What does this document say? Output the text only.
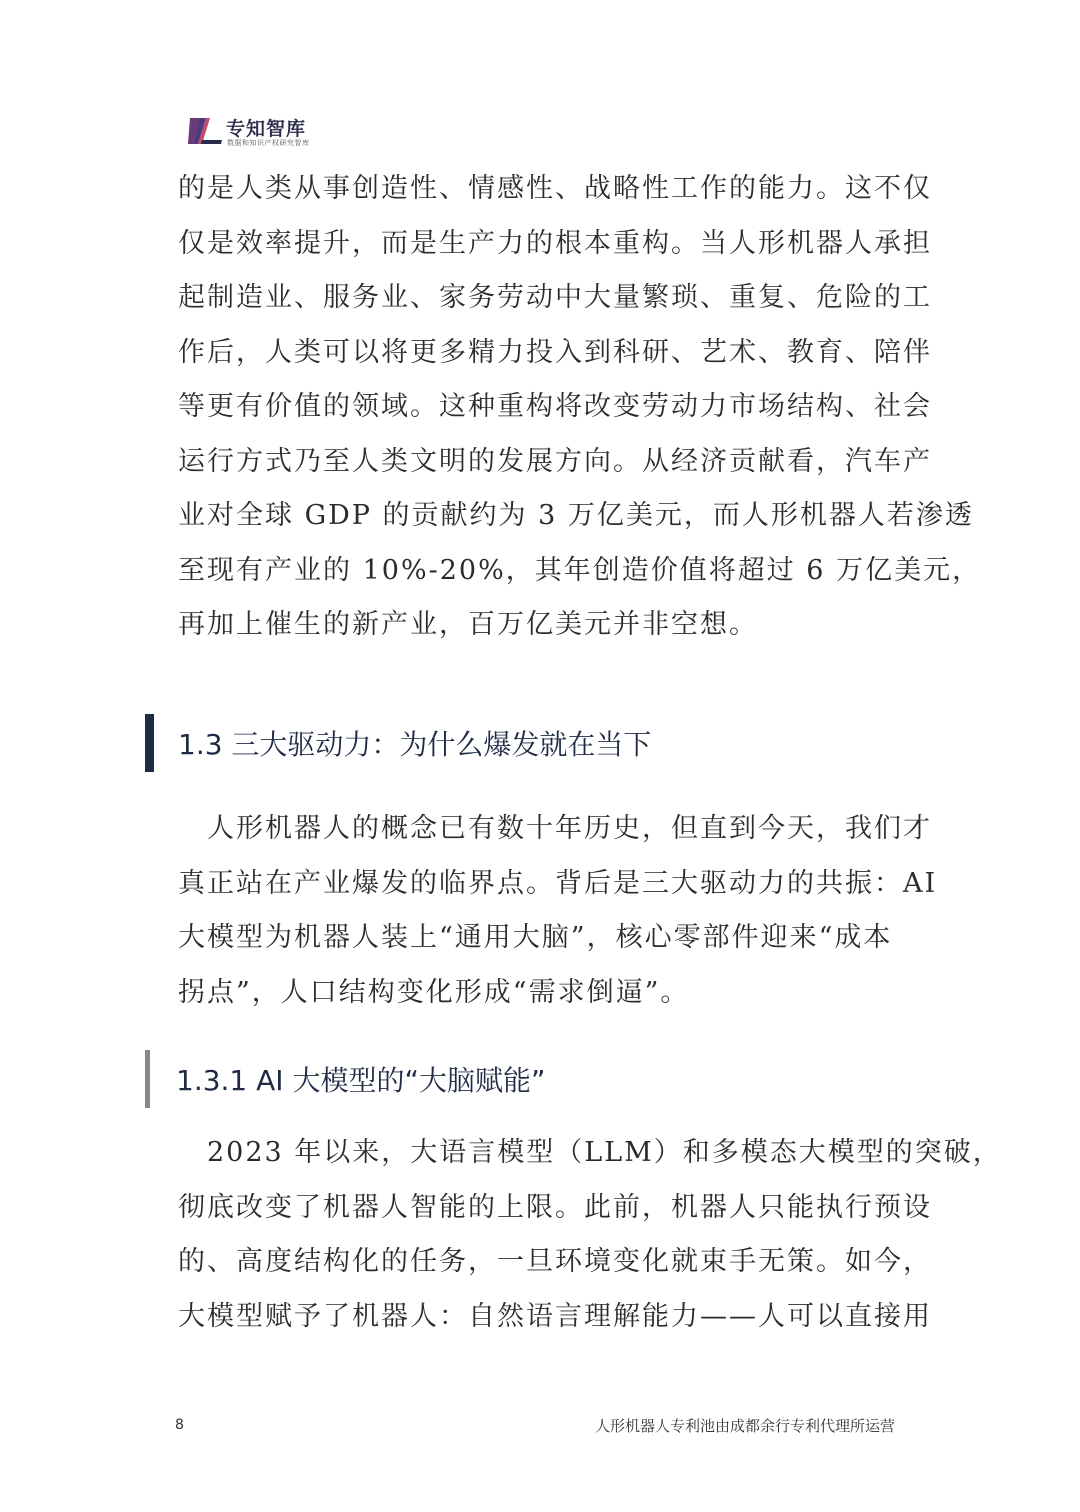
专知智库
数据和知识产权研究智库
的是人类从事创造性、情感性、战略性工作的能力。这不仅
仅是效率提升，而是生产力的根本重构。当人形机器人承担
起制造业、服务业、家务劳动中大量繁琐、重复、危险的工
作后，人类可以将更多精力投入到科研、艺术、教育、陪伴
等更有价值的领域。这种重构将改变劳动力市场结构、社会
运行方式乃至人类文明的发展方向。从经济贡献看，汽车产
业对全球 GDP 的贡献约为 3 万亿美元，而人形机器人若渗透
至现有产业的 10%-20%，其年创造价值将超过 6 万亿美元，
再加上催生的新产业，百万亿美元并非空想。
1.3 三大驱动力：为什么爆发就在当下
　人形机器人的概念已有数十年历史，但直到今天，我们才
真正站在产业爆发的临界点。背后是三大驱动力的共振：AI
大模型为机器人装上“通用大脑”，核心零部件迎来“成本
拐点”，人口结构变化形成“需求倒逼”。
1.3.1 AI 大模型的“大脑赋能”
　2023 年以来，大语言模型（LLM）和多模态大模型的突破，
彻底改变了机器人智能的上限。此前，机器人只能执行预设
的、高度结构化的任务，一旦环境变化就束手无策。如今，
大模型赋予了机器人：自然语言理解能力——人可以直接用
8	人形机器人专利池由成都余行专利代理所运营
